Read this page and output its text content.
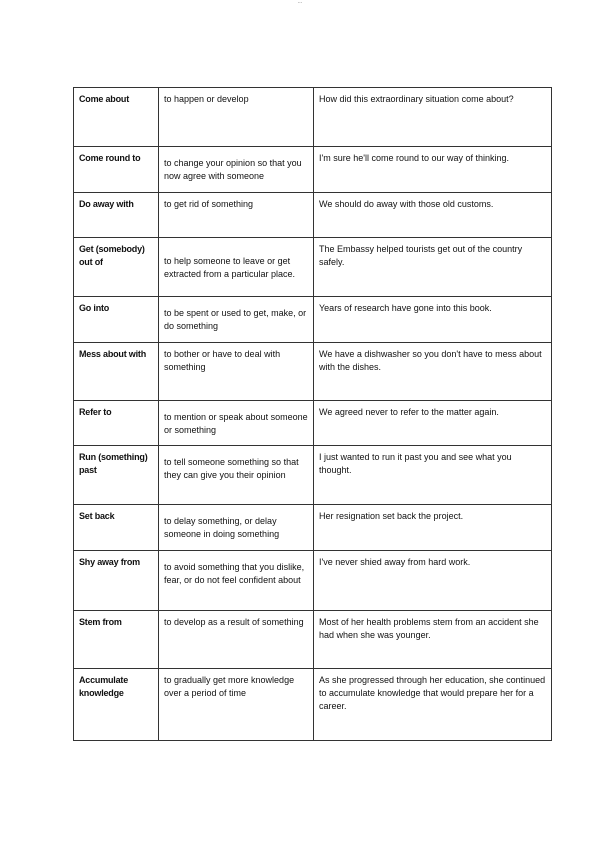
...
Come about	to happen or develop	How did this extraordinary situation come about?
Come round to	to change your opinion so that you now agree with someone	I'm sure he'll come round to our way of thinking.
Do away with	to get rid of something	We should do away with those old customs.
Get (somebody) out of	to help someone to leave or get extracted from a particular place.	The Embassy helped tourists get out of the country safely.
Go into	to be spent or used to get, make, or do something	Years of research have gone into this book.
Mess about with	to bother or have to deal with something	We have a dishwasher so you don't have to mess about with the dishes.
Refer to	to mention or speak about someone or something	We agreed never to refer to the matter again.
Run (something) past	to tell someone something so that they can give you their opinion	I just wanted to run it past you and see what you thought.
Set back	to delay something, or delay someone in doing something	Her resignation set back the project.
Shy away from	to avoid something that you dislike, fear, or do not feel confident about	I've never shied away from hard work.
Stem from	to develop as a result of something	Most of her health problems stem from an accident she had when she was younger.
Accumulate knowledge	to gradually get more knowledge over a period of time	As she progressed through her education, she continued to accumulate knowledge that would prepare her for a career.
